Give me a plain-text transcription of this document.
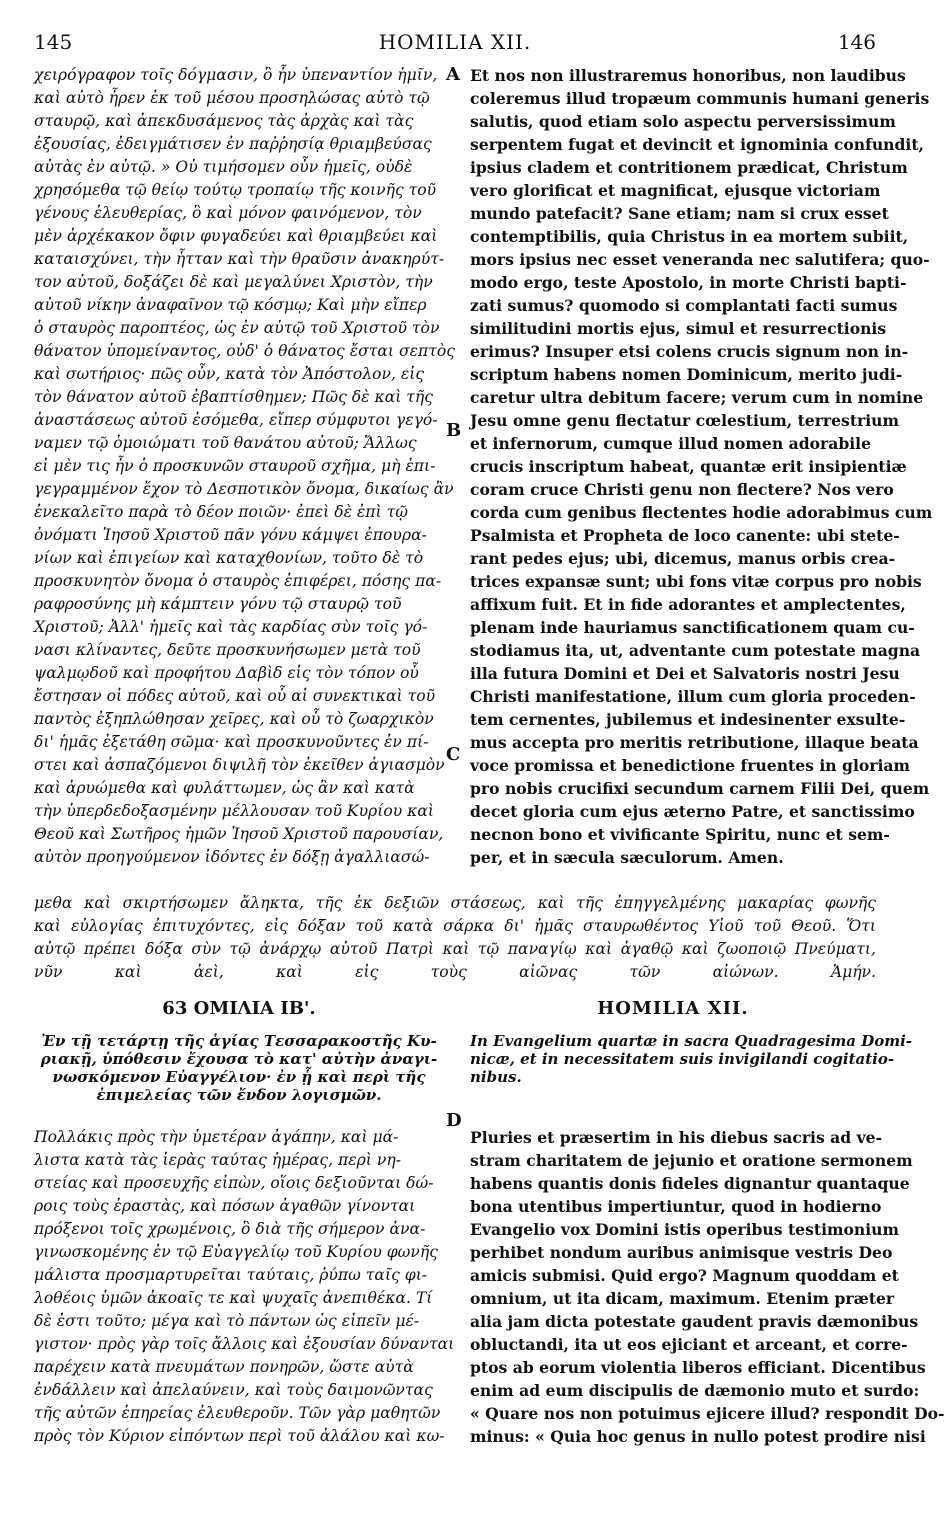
145	HOMILIA XII.	146
A
B
C
D
χειρόγραφον τοῖς δόγμασιν, ὃ ἦν ὑπεναντίον ἡμῖν,
καὶ αὐτὸ ἦρεν ἐκ τοῦ μέσου προσηλώσας αὐτὸ τῷ
σταυρῷ, καὶ ἀπεκδυσάμενος τὰς ἀρχὰς καὶ τὰς
ἐξουσίας, ἐδειγμάτισεν ἐν παῤῥησίᾳ θριαμβεύσας
αὐτὰς ἐν αὐτῷ. » Οὐ τιμήσομεν οὖν ἡμεῖς, οὐδὲ
χρησόμεθα τῷ θείῳ τούτῳ τροπαίῳ τῆς κοινῆς τοῦ
γένους ἐλευθερίας, ὃ καὶ μόνον φαινόμενον, τὸν
μὲν ἀρχέκακον ὄφιν φυγαδεύει καὶ θριαμβεύει καὶ
καταισχύνει, τὴν ἧτταν καὶ τὴν θραῦσιν ἀνακηρύτ-
τον αὐτοῦ, δοξάζει δὲ καὶ μεγαλύνει Χριστὸν, τὴν
αὐτοῦ νίκην ἀναφαῖνον τῷ κόσμῳ; Καὶ μὴν εἴπερ
ὁ σταυρὸς παροπτέος, ὡς ἐν αὐτῷ τοῦ Χριστοῦ τὸν
θάνατον ὑπομείναντος, οὐδ' ὁ θάνατος ἔσται σεπτὸς
καὶ σωτήριος· πῶς οὖν, κατὰ τὸν Ἀπόστολον, εἰς
τὸν θάνατον αὐτοῦ ἐβαπτίσθημεν; Πῶς δὲ καὶ τῆς
ἀναστάσεως αὐτοῦ ἐσόμεθα, εἴπερ σύμφυτοι γεγό-
ναμεν τῷ ὁμοιώματι τοῦ θανάτου αὐτοῦ; Ἄλλως
εἰ μὲν τις ἦν ὁ προσκυνῶν σταυροῦ σχῆμα, μὴ ἐπι-
γεγραμμένον ἔχον τὸ Δεσποτικὸν ὄνομα, δικαίως ἂν
ἐνεκαλεῖτο παρὰ τὸ δέον ποιῶν· ἐπεὶ δὲ ἐπὶ τῷ
ὀνόματι Ἰησοῦ Χριστοῦ πᾶν γόνυ κάμψει ἐπουρα-
νίων καὶ ἐπιγείων καὶ καταχθονίων, τοῦτο δὲ τὸ
προσκυνητὸν ὄνομα ὁ σταυρὸς ἐπιφέρει, πόσης πα-
ραφροσύνης μὴ κάμπτειν γόνυ τῷ σταυρῷ τοῦ
Χριστοῦ; Ἀλλ' ἡμεῖς καὶ τὰς καρδίας σὺν τοῖς γό-
νασι κλίναντες, δεῦτε προσκυνήσωμεν μετὰ τοῦ
ψαλμῳδοῦ καὶ προφήτου Δαβὶδ εἰς τὸν τόπον οὗ
ἔστησαν οἱ πόδες αὐτοῦ, καὶ οὗ αἱ συνεκτικαὶ τοῦ
παντὸς ἐξηπλώθησαν χεῖρες, καὶ οὗ τὸ ζωαρχικὸν
δι' ἡμᾶς ἐξετάθη σῶμα· καὶ προσκυνοῦντες ἐν πί-
στει καὶ ἀσπαζόμενοι διψιλῆ τὸν ἐκεῖθεν ἁγιασμὸν
καὶ ἀρυώμεθα καὶ φυλάττωμεν, ὡς ἂν καὶ κατὰ
τὴν ὑπερδεδοξασμένην μέλλουσαν τοῦ Κυρίου καὶ
Θεοῦ καὶ Σωτῆρος ἡμῶν Ἰησοῦ Χριστοῦ παρουσίαν,
αὐτὸν προηγούμενον ἰδόντες ἐν δόξῃ ἀγαλλιασώ-
Et nos non illustraremus honoribus, non laudibus
coleremus illud tropæum communis humani generis
salutis, quod etiam solo aspectu perversissimum
serpentem fugat et devincit et ignominia confundit,
ipsius cladem et contritionem prædicat, Christum
vero glorificat et magnificat, ejusque victoriam
mundo patefacit? Sane etiam; nam si crux esset
contemptibilis, quia Christus in ea mortem subiit,
mors ipsius nec esset veneranda nec salutifera; quo-
modo ergo, teste Apostolo, in morte Christi bapti-
zati sumus? quomodo si complantati facti sumus
similitudini mortis ejus, simul et resurrectionis
erimus? Insuper etsi colens crucis signum non in-
scriptum habens nomen Dominicum, merito judi-
caretur ultra debitum facere; verum cum in nomine
Jesu omne genu flectatur cœlestium, terrestrium
et infernorum, cumque illud nomen adorabile
crucis inscriptum habeat, quantæ erit insipientiæ
coram cruce Christi genu non flectere? Nos vero
corda cum genibus flectentes hodie adorabimus cum
Psalmista et Propheta de loco canente: ubi stete-
rant pedes ejus; ubi, dicemus, manus orbis crea-
trices expansæ sunt; ubi fons vitæ corpus pro nobis
affixum fuit. Et in fide adorantes et amplectentes,
plenam inde hauriamus sanctificationem quam cu-
stodiamus ita, ut, adventante cum potestate magna
illa futura Domini et Dei et Salvatoris nostri Jesu
Christi manifestatione, illum cum gloria proceden-
tem cernentes, jubilemus et indesinenter exsulte-
mus accepta pro meritis retributione, illaque beata
voce promissa et benedictione fruentes in gloriam
pro nobis crucifixi secundum carnem Filii Dei, quem
decet gloria cum ejus æterno Patre, et sanctissimo
necnon bono et vivificante Spiritu, nunc et sem-
per, et in sæcula sæculorum. Amen.
μεθα καὶ σκιρτήσωμεν ἄληκτα, τῆς ἐκ δεξιῶν στάσεως, καὶ τῆς ἐπηγγελμένης μακαρίας φωνῆς
καὶ εὐλογίας ἐπιτυχόντες, εἰς δόξαν τοῦ κατὰ σάρκα δι' ἡμᾶς σταυρωθέντος Υἱοῦ τοῦ Θεοῦ. Ὅτι
αὐτῷ πρέπει δόξα σὺν τῷ ἀνάρχῳ αὐτοῦ Πατρὶ καὶ τῷ παναγίῳ καὶ ἀγαθῷ καὶ ζωοποιῷ Πνεύματι,
νῦν καὶ ἀεὶ, καὶ εἰς τοὺς αἰῶνας τῶν αἰώνων. Ἀμήν.
63 ΟΜΙΛΙΑ ΙΒ'.	HOMILIA XII.
Ἐν τῇ τετάρτῃ τῆς ἁγίας Τεσσαρακοστῆς Κυ-
ριακῇ, ὑπόθεσιν ἔχουσα τὸ κατ' αὐτὴν ἀναγι-
νωσκόμενον Εὐαγγέλιον· ἐν ᾗ καὶ περὶ τῆς
ἐπιμελείας τῶν ἔνδον λογισμῶν.
In Evangelium quartæ in sacra Quadragesima Domi-
nicæ, et in necessitatem suis invigilandi cogitatio-
nibus.
Πολλάκις πρὸς τὴν ὑμετέραν ἀγάπην, καὶ μά-
λιστα κατὰ τὰς ἱερὰς ταύτας ἡμέρας, περὶ νη-
στείας καὶ προσευχῆς εἰπὼν, οἵοις δεξιοῦνται δώ-
ροις τοὺς ἐραστὰς, καὶ πόσων ἀγαθῶν γίνονται
πρόξενοι τοῖς χρωμένοις, ὃ διὰ τῆς σήμερον ἀνα-
γινωσκομένης ἐν τῷ Εὐαγγελίῳ τοῦ Κυρίου φωνῆς
μάλιστα προσμαρτυρεῖται ταύταις, ῥύπω ταῖς φι-
λοθέοις ὑμῶν ἀκοαῖς τε καὶ ψυχαῖς ἀνεπιθέκα. Τί
δὲ ἐστι τοῦτο; μέγα καὶ τὸ πάντων ὡς εἰπεῖν μέ-
γιστον· πρὸς γὰρ τοῖς ἄλλοις καὶ ἐξουσίαν δύνανται
παρέχειν κατὰ πνευμάτων πονηρῶν, ὥστε αὐτὰ
ἐνδάλλειν καὶ ἀπελαύνειν, καὶ τοὺς δαιμονῶντας
τῆς αὐτῶν ἐπηρείας ἐλευθεροῦν. Τῶν γὰρ μαθητῶν
πρὸς τὸν Κύριον εἰπόντων περὶ τοῦ ἀλάλου καὶ κω-
Pluries et præsertim in his diebus sacris ad ve-
stram charitatem de jejunio et oratione sermonem
habens quantis donis fideles dignantur quantaque
bona utentibus impertiuntur, quod in hodierno
Evangelio vox Domini istis operibus testimonium
perhibet nondum auribus animisque vestris Deo
amicis submisi. Quid ergo? Magnum quoddam et
omnium, ut ita dicam, maximum. Etenim præter
alia jam dicta potestate gaudent pravis dæmonibus
obluctandi, ita ut eos ejiciant et arceant, et corre-
ptos ab eorum violentia liberos efficiant. Dicentibus
enim ad eum discipulis de dæmonio muto et surdo:
« Quare nos non potuimus ejicere illud? respondit Do-
minus: « Quia hoc genus in nullo potest prodire nisi
